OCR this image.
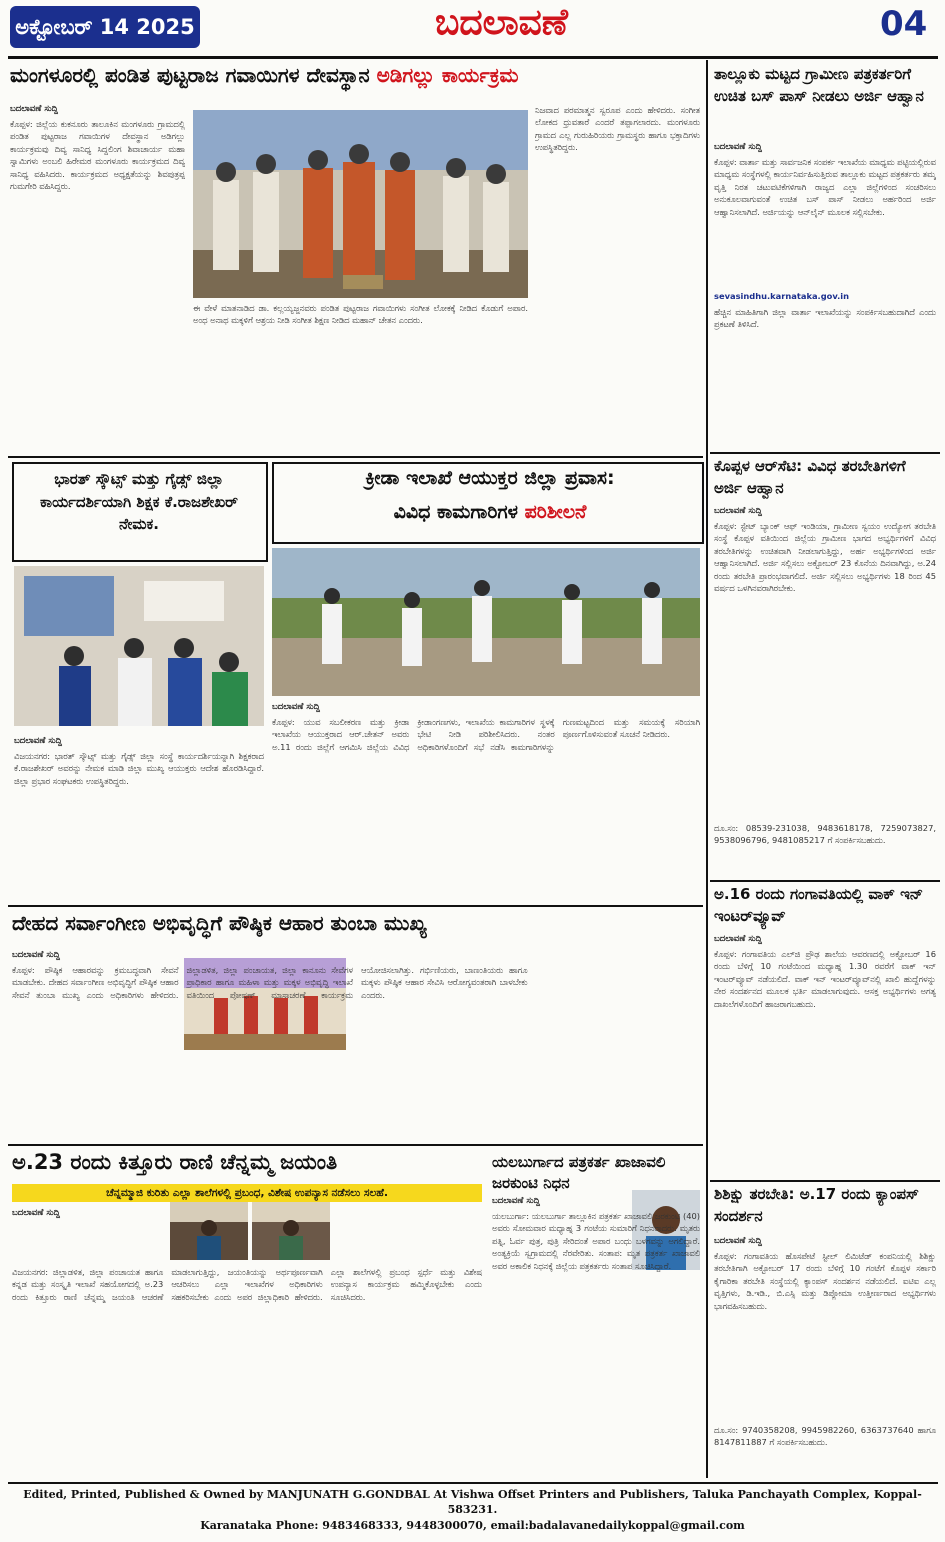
ಅಕ್ಟೋಬರ್ 14 2025	ಬದಲಾವಣೆ	04
ಮಂಗಳೂರಲ್ಲಿ ಪಂಡಿತ ಪುಟ್ಟರಾಜ ಗವಾಯಿಗಳ ದೇವಸ್ಥಾನ ಅಡಿಗಲ್ಲು ಕಾರ್ಯಕ್ರಮ
ಬದಲಾವಣೆ ಸುದ್ದಿ
ಕೊಪ್ಪಳ: ಜಿಲ್ಲೆಯ ಕುಕನೂರು ತಾಲೂಕಿನ ಮಂಗಳೂರು ಗ್ರಾಮದಲ್ಲಿ ಪಂಡಿತ ಪುಟ್ಟರಾಜ ಗವಾಯಿಗಳ ದೇವಸ್ಥಾನ ಅಡಿಗಲ್ಲು ಕಾರ್ಯಕ್ರಮವು ದಿವ್ಯ ಸಾನಿಧ್ಯ ಸಿದ್ದಲಿಂಗ ಶಿವಾಚಾರ್ಯ ಮಹಾ ಸ್ವಾಮಿಗಳು ಅಂಬಲಿ ಹಿರೇಮಠ ಮಂಗಳೂರು ಕಾರ್ಯಕ್ರಮದ ದಿವ್ಯ ಸಾನಿಧ್ಯ ವಹಿಸಿದರು. ಕಾರ್ಯಕ್ರಮದ ಅಧ್ಯಕ್ಷತೆಯನ್ನು ಶಿವಪುತ್ರಪ್ಪ ಗುಮಗೇರಿ ವಹಿಸಿದ್ದರು.
ಈ ವೇಳೆ ಮಾತನಾಡಿದ ಡಾ. ಕಲ್ಲಯ್ಯಜ್ಜನವರು ಪಂಡಿತ ಪುಟ್ಟರಾಜ ಗವಾಯಿಗಳು ಸಂಗೀತ ಲೋಕಕ್ಕೆ ನೀಡಿದ ಕೊಡುಗೆ ಅಪಾರ. ಅಂಧ ಅನಾಥ ಮಕ್ಕಳಿಗೆ ಆಶ್ರಯ ನೀಡಿ ಸಂಗೀತ ಶಿಕ್ಷಣ ನೀಡಿದ ಮಹಾನ್ ಚೇತನ ಎಂದರು.
ನಿಜವಾದ ಪರಮಾತ್ಮನ ಸ್ವರೂಪ ಎಂದು ಹೇಳಿದರು. ಸಂಗೀತ ಲೋಕದ ಧ್ರುವತಾರೆ ಎಂದರೆ ತಪ್ಪಾಗಲಾರದು. ಮಂಗಳೂರು ಗ್ರಾಮದ ಎಲ್ಲ ಗುರುಹಿರಿಯರು ಗ್ರಾಮಸ್ಥರು ಹಾಗೂ ಭಕ್ತಾದಿಗಳು ಉಪಸ್ಥಿತರಿದ್ದರು.
ಭಾರತ್ ಸ್ಕೌಟ್ಸ್ ಮತ್ತು ಗೈಡ್ಸ್ ಜಿಲ್ಲಾ ಕಾರ್ಯದರ್ಶಿಯಾಗಿ ಶಿಕ್ಷಕ ಕೆ.ರಾಜಶೇಖರ್ ನೇಮಕ.
ಬದಲಾವಣೆ ಸುದ್ದಿ
ವಿಜಯನಗರ: ಭಾರತ್ ಸ್ಕೌಟ್ಸ್ ಮತ್ತು ಗೈಡ್ಸ್ ಜಿಲ್ಲಾ ಸಂಸ್ಥೆ ಕಾರ್ಯದರ್ಶಿಯನ್ನಾಗಿ ಶಿಕ್ಷಕರಾದ ಕೆ.ರಾಜಶೇಖರ್ ಅವರನ್ನು ನೇಮಕ ಮಾಡಿ ಜಿಲ್ಲಾ ಮುಖ್ಯ ಆಯುಕ್ತರು ಆದೇಶ ಹೊರಡಿಸಿದ್ದಾರೆ. ಜಿಲ್ಲಾ ಪ್ರಭಾರ ಸಂಘಟಕರು ಉಪಸ್ಥಿತರಿದ್ದರು.
ಕ್ರೀಡಾ ಇಲಾಖೆ ಆಯುಕ್ತರ ಜಿಲ್ಲಾ ಪ್ರವಾಸ:
ವಿವಿಧ ಕಾಮಗಾರಿಗಳ ಪರಿಶೀಲನೆ
ಬದಲಾವಣೆ ಸುದ್ದಿ
ಕೊಪ್ಪಳ: ಯುವ ಸಬಲೀಕರಣ ಮತ್ತು ಕ್ರೀಡಾ ಇಲಾಖೆಯ ಆಯುಕ್ತರಾದ ಆರ್.ಚೇತನ್ ಅವರು ಅ.11 ರಂದು ಜಿಲ್ಲೆಗೆ ಆಗಮಿಸಿ ಜಿಲ್ಲೆಯ ವಿವಿಧ ಕ್ರೀಡಾಂಗಣಗಳು, ಇಲಾಖೆಯ ಕಾಮಗಾರಿಗಳ ಸ್ಥಳಕ್ಕೆ ಭೇಟಿ ನೀಡಿ ಪರಿಶೀಲಿಸಿದರು. ನಂತರ ಅಧಿಕಾರಿಗಳೊಂದಿಗೆ ಸಭೆ ನಡೆಸಿ ಕಾಮಗಾರಿಗಳನ್ನು ಗುಣಮಟ್ಟದಿಂದ ಮತ್ತು ಸಮಯಕ್ಕೆ ಸರಿಯಾಗಿ ಪೂರ್ಣಗೊಳಿಸುವಂತೆ ಸೂಚನೆ ನೀಡಿದರು.
ದೇಹದ ಸರ್ವಾಂಗೀಣ ಅಭಿವೃದ್ಧಿಗೆ ಪೌಷ್ಠಿಕ ಆಹಾರ ತುಂಬಾ ಮುಖ್ಯ
ಬದಲಾವಣೆ ಸುದ್ದಿ
ಕೊಪ್ಪಳ: ಪೌಷ್ಠಿಕ ಆಹಾರವನ್ನು ಕ್ರಮಬದ್ಧವಾಗಿ ಸೇವನೆ ಮಾಡಬೇಕು. ದೇಹದ ಸರ್ವಾಂಗೀಣ ಅಭಿವೃದ್ಧಿಗೆ ಪೌಷ್ಠಿಕ ಆಹಾರ ಸೇವನೆ ತುಂಬಾ ಮುಖ್ಯ ಎಂದು ಅಧಿಕಾರಿಗಳು ಹೇಳಿದರು. ಜಿಲ್ಲಾಡಳಿತ, ಜಿಲ್ಲಾ ಪಂಚಾಯತ, ಜಿಲ್ಲಾ ಕಾನೂನು ಸೇವೆಗಳ ಪ್ರಾಧಿಕಾರ ಹಾಗೂ ಮಹಿಳಾ ಮತ್ತು ಮಕ್ಕಳ ಅಭಿವೃದ್ಧಿ ಇಲಾಖೆ ವತಿಯಿಂದ ಪೋಷಣ್ ಮಾಸಾಚರಣೆ ಕಾರ್ಯಕ್ರಮ ಆಯೋಜಿಸಲಾಗಿತ್ತು. ಗರ್ಭಿಣಿಯರು, ಬಾಣಂತಿಯರು ಹಾಗೂ ಮಕ್ಕಳು ಪೌಷ್ಠಿಕ ಆಹಾರ ಸೇವಿಸಿ ಆರೋಗ್ಯವಂತರಾಗಿ ಬಾಳಬೇಕು ಎಂದರು.
ಅ.23 ರಂದು ಕಿತ್ತೂರು ರಾಣಿ ಚೆನ್ನಮ್ಮ ಜಯಂತಿ
ಚೆನ್ನಮ್ಮಾಜಿ ಕುರಿತು ಎಲ್ಲಾ ಶಾಲೆಗಳಲ್ಲಿ ಪ್ರಬಂಧ, ವಿಶೇಷ ಉಪನ್ಯಾಸ ನಡೆಸಲು ಸಲಹೆ.
ಬದಲಾವಣೆ ಸುದ್ದಿ
ವಿಜಯನಗರ: ಜಿಲ್ಲಾಡಳಿತ, ಜಿಲ್ಲಾ ಪಂಚಾಯತ ಹಾಗೂ ಕನ್ನಡ ಮತ್ತು ಸಂಸ್ಕೃತಿ ಇಲಾಖೆ ಸಹಯೋಗದಲ್ಲಿ ಅ.23 ರಂದು ಕಿತ್ತೂರು ರಾಣಿ ಚೆನ್ನಮ್ಮ ಜಯಂತಿ ಆಚರಣೆ ಮಾಡಲಾಗುತ್ತಿದ್ದು, ಜಯಂತಿಯನ್ನು ಅರ್ಥಪೂರ್ಣವಾಗಿ ಆಚರಿಸಲು ಎಲ್ಲಾ ಇಲಾಖೆಗಳ ಅಧಿಕಾರಿಗಳು ಸಹಕರಿಸಬೇಕು ಎಂದು ಅಪರ ಜಿಲ್ಲಾಧಿಕಾರಿ ಹೇಳಿದರು. ಎಲ್ಲಾ ಶಾಲೆಗಳಲ್ಲಿ ಪ್ರಬಂಧ ಸ್ಪರ್ಧೆ ಮತ್ತು ವಿಶೇಷ ಉಪನ್ಯಾಸ ಕಾರ್ಯಕ್ರಮ ಹಮ್ಮಿಕೊಳ್ಳಬೇಕು ಎಂದು ಸೂಚಿಸಿದರು.
ಯಲಬುರ್ಗಾದ ಪತ್ರಕರ್ತ ಖಾಜಾವಲಿ ಜರಕುಂಟಿ ನಿಧನ
ಬದಲಾವಣೆ ಸುದ್ದಿ
ಯಲಬುರ್ಗಾ: ಯಲಬುರ್ಗಾ ತಾಲ್ಲೂಕಿನ ಪತ್ರಕರ್ತ ಖಾಜಾವಲಿ ಜರಕುಂಟಿ (40) ಅವರು ಸೋಮವಾರ ಮಧ್ಯಾಹ್ನ 3 ಗಂಟೆಯ ಸುಮಾರಿಗೆ ನಿಧನರಾದರು. ಮೃತರು ಪತ್ನಿ, ಓರ್ವ ಪುತ್ರ, ಪುತ್ರಿ ಸೇರಿದಂತೆ ಅಪಾರ ಬಂಧು ಬಳಗವನ್ನು ಅಗಲಿದ್ದಾರೆ. ಅಂತ್ಯಕ್ರಿಯೆ ಸ್ವಗ್ರಾಮದಲ್ಲಿ ನೆರವೇರಿತು. ಸಂತಾಪ: ಮೃತ ಪತ್ರಕರ್ತ ಖಾಜಾವಲಿ ಅವರ ಅಕಾಲಿಕ ನಿಧನಕ್ಕೆ ಜಿಲ್ಲೆಯ ಪತ್ರಕರ್ತರು ಸಂತಾಪ ಸೂಚಿಸಿದ್ದಾರೆ.
ತಾಲ್ಲೂಕು ಮಟ್ಟದ ಗ್ರಾಮೀಣ ಪತ್ರಕರ್ತರಿಗೆ ಉಚಿತ ಬಸ್ ಪಾಸ್ ನೀಡಲು ಅರ್ಜಿ ಆಹ್ವಾನ
ಬದಲಾವಣೆ ಸುದ್ದಿ
ಕೊಪ್ಪಳ: ವಾರ್ತಾ ಮತ್ತು ಸಾರ್ವಜನಿಕ ಸಂಪರ್ಕ ಇಲಾಖೆಯ ಮಾಧ್ಯಮ ಪಟ್ಟಿಯಲ್ಲಿರುವ ಮಾಧ್ಯಮ ಸಂಸ್ಥೆಗಳಲ್ಲಿ ಕಾರ್ಯನಿರ್ವಹಿಸುತ್ತಿರುವ ತಾಲ್ಲೂಕು ಮಟ್ಟದ ಪತ್ರಕರ್ತರು ತಮ್ಮ ವೃತ್ತಿ ನಿರತ ಚಟುವಟಿಕೆಗಳಿಗಾಗಿ ರಾಜ್ಯದ ಎಲ್ಲಾ ಜಿಲ್ಲೆಗಳಿಂದ ಸಂಚರಿಸಲು ಅನುಕೂಲವಾಗುವಂತೆ ಉಚಿತ ಬಸ್ ಪಾಸ್ ನೀಡಲು ಅರ್ಹರಿಂದ ಅರ್ಜಿ ಆಹ್ವಾನಿಸಲಾಗಿದೆ. ಅರ್ಜಿಯನ್ನು ಆನ್‌ಲೈನ್ ಮೂಲಕ ಸಲ್ಲಿಸಬೇಕು.
sevasindhu.karnataka.gov.in
ಹೆಚ್ಚಿನ ಮಾಹಿತಿಗಾಗಿ ಜಿಲ್ಲಾ ವಾರ್ತಾ ಇಲಾಖೆಯನ್ನು ಸಂಪರ್ಕಿಸಬಹುದಾಗಿದೆ ಎಂದು ಪ್ರಕಟಣೆ ತಿಳಿಸಿದೆ.
ಕೊಪ್ಪಳ ಆರ್‌ಸೆಟಿ: ವಿವಿಧ ತರಬೇತಿಗಳಿಗೆ ಅರ್ಜಿ ಆಹ್ವಾನ
ಬದಲಾವಣೆ ಸುದ್ದಿ
ಕೊಪ್ಪಳ: ಸ್ಟೇಟ್ ಬ್ಯಾಂಕ್ ಆಫ್ ಇಂಡಿಯಾ, ಗ್ರಾಮೀಣ ಸ್ವಯಂ ಉದ್ಯೋಗ ತರಬೇತಿ ಸಂಸ್ಥೆ ಕೊಪ್ಪಳ ವತಿಯಿಂದ ಜಿಲ್ಲೆಯ ಗ್ರಾಮೀಣ ಭಾಗದ ಅಭ್ಯರ್ಥಿಗಳಿಗೆ ವಿವಿಧ ತರಬೇತಿಗಳನ್ನು ಉಚಿತವಾಗಿ ನೀಡಲಾಗುತ್ತಿದ್ದು, ಅರ್ಹ ಅಭ್ಯರ್ಥಿಗಳಿಂದ ಅರ್ಜಿ ಆಹ್ವಾನಿಸಲಾಗಿದೆ. ಅರ್ಜಿ ಸಲ್ಲಿಸಲು ಅಕ್ಟೋಬರ್ 23 ಕೊನೆಯ ದಿನವಾಗಿದ್ದು, ಅ.24 ರಂದು ತರಬೇತಿ ಪ್ರಾರಂಭವಾಗಲಿದೆ. ಅರ್ಜಿ ಸಲ್ಲಿಸಲು ಅಭ್ಯರ್ಥಿಗಳು 18 ರಿಂದ 45 ವರ್ಷದ ಒಳಗಿನವರಾಗಿರಬೇಕು.
ದೂ.ಸಂ: 08539-231038, 9483618178, 7259073827, 9538096796, 9481085217 ಗೆ ಸಂಪರ್ಕಿಸಬಹುದು.
ಅ.16 ರಂದು ಗಂಗಾವತಿಯಲ್ಲಿ ವಾಕ್ ಇನ್ ಇಂಟರ್‌ವ್ಯೂವ್
ಬದಲಾವಣೆ ಸುದ್ದಿ
ಕೊಪ್ಪಳ: ಗಂಗಾವತಿಯ ಎಲ್‌ಜಿ ಪ್ರೌಢ ಶಾಲೆಯ ಆವರಣದಲ್ಲಿ ಅಕ್ಟೋಬರ್ 16 ರಂದು ಬೆಳಿಗ್ಗೆ 10 ಗಂಟೆಯಿಂದ ಮಧ್ಯಾಹ್ನ 1.30 ರವರೆಗೆ ವಾಕ್ ಇನ್ ಇಂಟರ್‌ವ್ಯೂವ್ ನಡೆಯಲಿದೆ. ವಾಕ್ ಇನ್ ಇಂಟರ್‌ವ್ಯೂವ್‌ನಲ್ಲಿ ಖಾಲಿ ಹುದ್ದೆಗಳನ್ನು ನೇರ ಸಂದರ್ಶನದ ಮೂಲಕ ಭರ್ತಿ ಮಾಡಲಾಗುವುದು. ಆಸಕ್ತ ಅಭ್ಯರ್ಥಿಗಳು ಅಗತ್ಯ ದಾಖಲೆಗಳೊಂದಿಗೆ ಹಾಜರಾಗಬಹುದು.
ಶಿಶಿಕ್ಷು ತರಬೇತಿ: ಅ.17 ರಂದು ಕ್ಯಾಂಪಸ್ ಸಂದರ್ಶನ
ಬದಲಾವಣೆ ಸುದ್ದಿ
ಕೊಪ್ಪಳ: ಗಂಗಾವತಿಯ ಹೊಸಪೇಟೆ ಸ್ಟೀಲ್ ಲಿಮಿಟೆಡ್ ಕಂಪನಿಯಲ್ಲಿ ಶಿಶಿಕ್ಷು ತರಬೇತಿಗಾಗಿ ಅಕ್ಟೋಬರ್ 17 ರಂದು ಬೆಳಿಗ್ಗೆ 10 ಗಂಟೆಗೆ ಕೊಪ್ಪಳ ಸರ್ಕಾರಿ ಕೈಗಾರಿಕಾ ತರಬೇತಿ ಸಂಸ್ಥೆಯಲ್ಲಿ ಕ್ಯಾಂಪಸ್ ಸಂದರ್ಶನ ನಡೆಯಲಿದೆ. ಐಟಿಐ ಎಲ್ಲ ವೃತ್ತಿಗಳು, ಡಿ.ಇಡಿ., ಬಿ.ಎಸ್ಸಿ ಮತ್ತು ಡಿಪ್ಲೋಮಾ ಉತ್ತೀರ್ಣರಾದ ಅಭ್ಯರ್ಥಿಗಳು ಭಾಗವಹಿಸಬಹುದು.
ದೂ.ಸಂ: 9740358208, 9945982260, 6363737640 ಹಾಗೂ 8147811887 ಗೆ ಸಂಪರ್ಕಿಸಬಹುದು.
Edited, Printed, Published & Owned by MANJUNATH G.GONDBAL At Vishwa Offset Printers and Publishers, Taluka Panchayath Complex, Koppal-583231.
Karanataka Phone: 9483468333, 9448300070, email:badalavanedailykoppal@gmail.com
